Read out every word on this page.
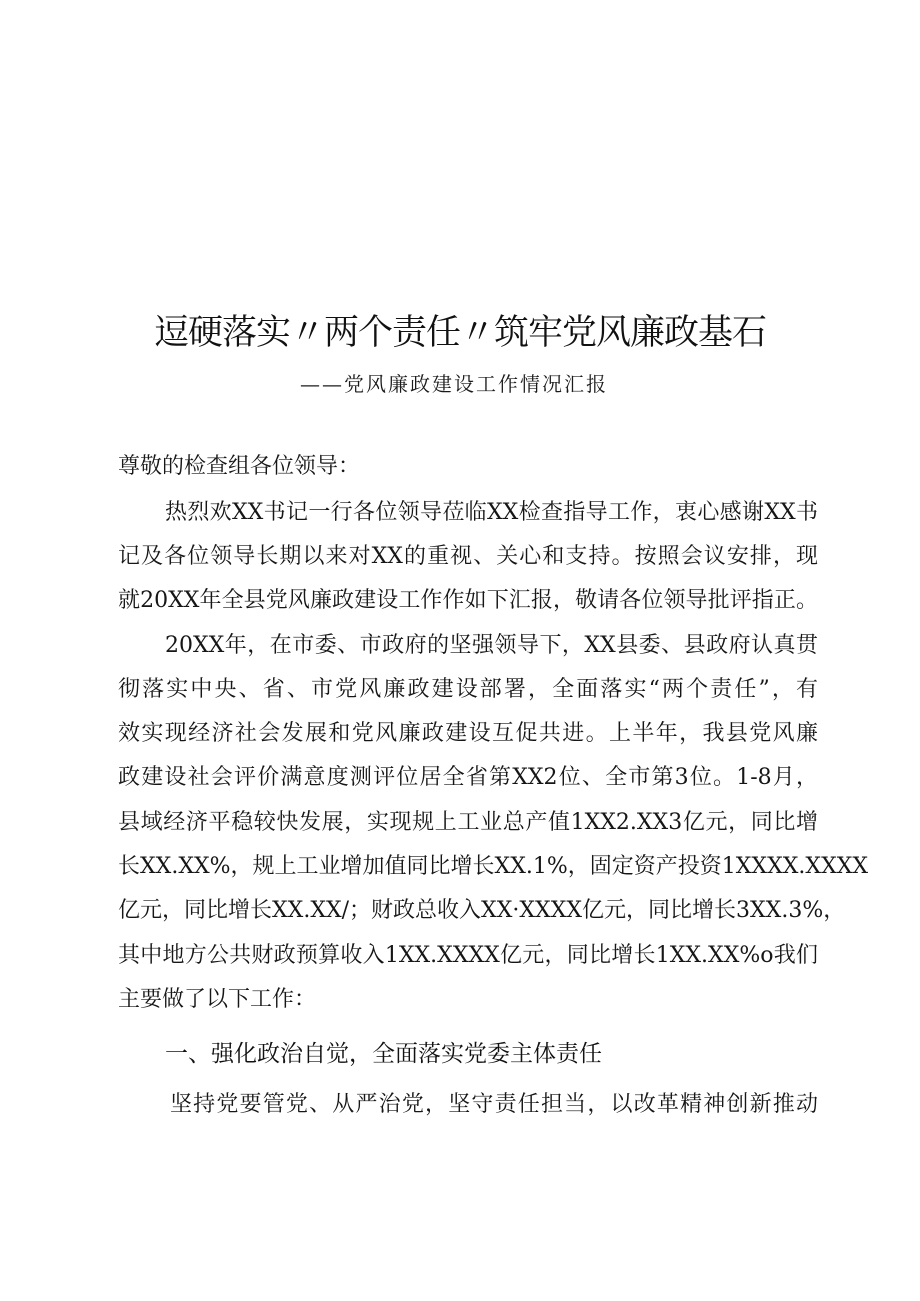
逗硬落实〃两个责任〃筑牢党风廉政基石
——党风廉政建设工作情况汇报
尊敬的检查组各位领导：
热烈欢XX书记一行各位领导莅临XX检查指导工作，衷心感谢XX书
记及各位领导长期以来对XX的重视、关心和支持。按照会议安排，现
就20XX年全县党风廉政建设工作作如下汇报，敬请各位领导批评指正。
20XX年，在市委、市政府的坚强领导下，XX县委、县政府认真贯
彻落实中央、省、市党风廉政建设部署，全面落实“两个责任”，有
效实现经济社会发展和党风廉政建设互促共进。上半年，我县党风廉
政建设社会评价满意度测评位居全省第XX2位、全市第3位。1-8月，
县域经济平稳较快发展，实现规上工业总产值1XX2.XX3亿元，同比增
长XX.XX%，规上工业增加值同比增长XX.1%，固定资产投资1XXXX.XXXX
亿元，同比增长XX.XX/；财政总收入XX·XXXX亿元，同比增长3XX.3%，
其中地方公共财政预算收入1XX.XXXX亿元，同比增长1XX.XX%o我们
主要做了以下工作：
一、强化政治自觉，全面落实党委主体责任
坚持党要管党、从严治党，坚守责任担当，以改革精神创新推动
